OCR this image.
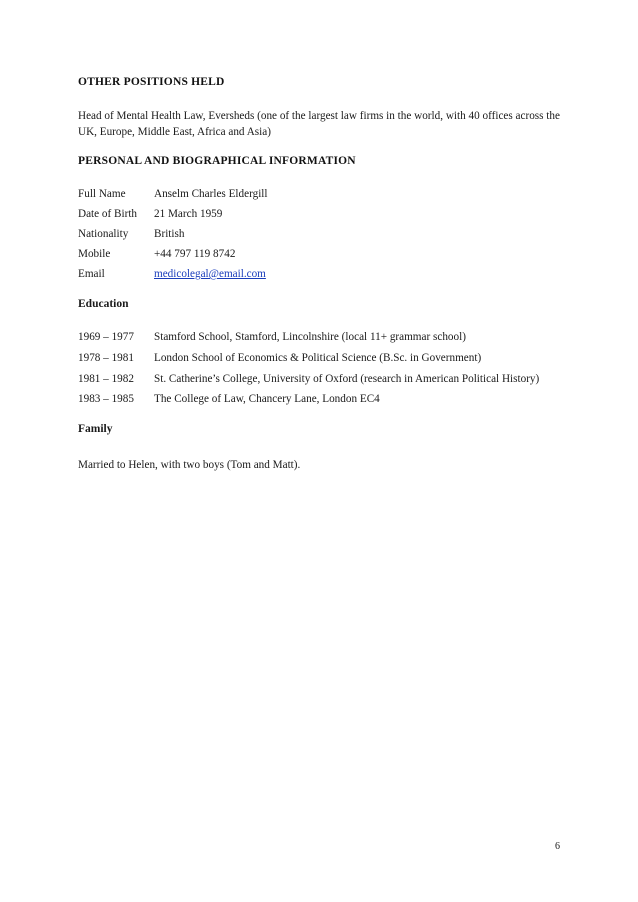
OTHER POSITIONS HELD
Head of Mental Health Law, Eversheds (one of the largest law firms in the world, with 40 offices across the UK, Europe, Middle East, Africa and Asia)
PERSONAL AND BIOGRAPHICAL INFORMATION
Full Name	Anselm Charles Eldergill
Date of Birth	21 March 1959
Nationality	British
Mobile	+44 797 119 8742
Email	medicolegal@email.com
Education
1969 – 1977	Stamford School, Stamford, Lincolnshire (local 11+ grammar school)
1978 – 1981	London School of Economics & Political Science (B.Sc. in Government)
1981 – 1982	St. Catherine’s College, University of Oxford (research in American Political History)
1983 – 1985	The College of Law, Chancery Lane, London EC4
Family
Married to Helen, with two boys (Tom and Matt).
6
